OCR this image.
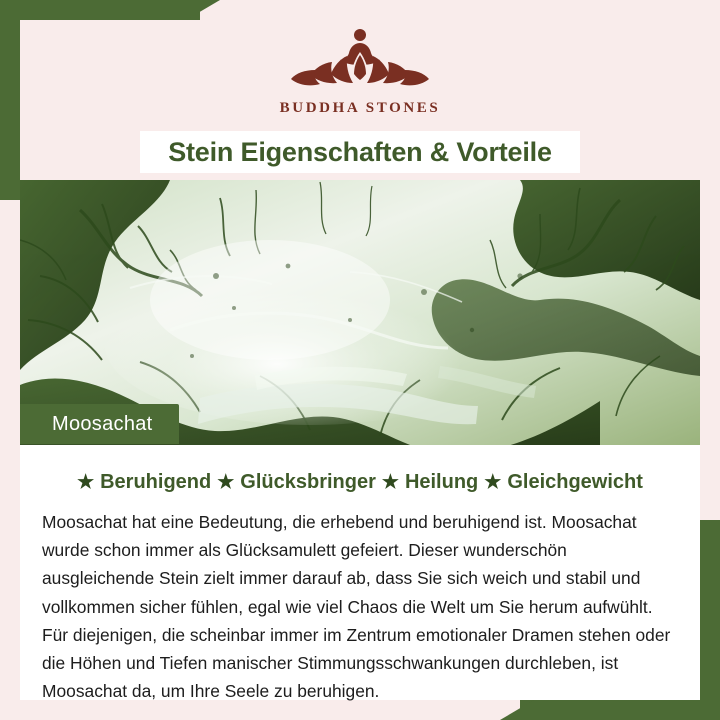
BUDDHA STONES
Stein Eigenschaften & Vorteile
Moosachat
★ Beruhigend ★ Glücksbringer ★ Heilung ★ Gleichgewicht

Moosachat hat eine Bedeutung, die erhebend und beruhigend ist. Moosachat wurde schon immer als Glücksamulett gefeiert. Dieser wunderschön ausgleichende Stein zielt immer darauf ab, dass Sie sich weich und stabil und vollkommen sicher fühlen, egal wie viel Chaos die Welt um Sie herum aufwühlt. Für diejenigen, die scheinbar immer im Zentrum emotionaler Dramen stehen oder die Höhen und Tiefen manischer Stimmungsschwankungen durchleben, ist Moosachat da, um Ihre Seele zu beruhigen.
